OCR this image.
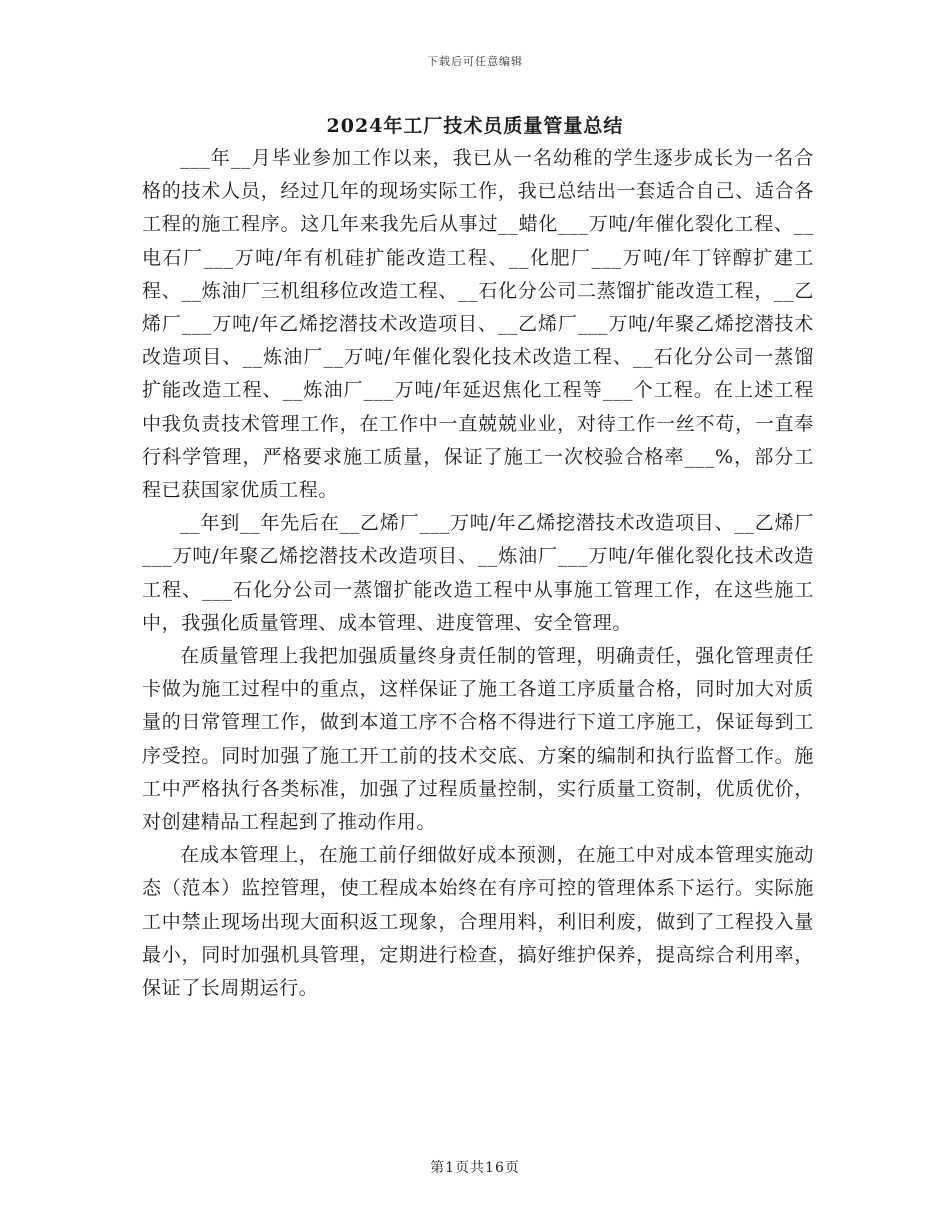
下载后可任意编辑
2024年工厂技术员质量管量总结

___年__月毕业参加工作以来，我已从一名幼稚的学生逐步成长为一名合格的技术人员，经过几年的现场实际工作，我已总结出一套适合自己、适合各工程的施工程序。这几年来我先后从事过__蜡化___万吨/年催化裂化工程、__电石厂___万吨/年有机硅扩能改造工程、__化肥厂___万吨/年丁锌醇扩建工程、__炼油厂三机组移位改造工程、__石化分公司二蒸馏扩能改造工程，__乙烯厂___万吨/年乙烯挖潜技术改造项目、__乙烯厂___万吨/年聚乙烯挖潜技术改造项目、__炼油厂__万吨/年催化裂化技术改造工程、__石化分公司一蒸馏扩能改造工程、__炼油厂___万吨/年延迟焦化工程等___个工程。在上述工程中我负责技术管理工作，在工作中一直兢兢业业，对待工作一丝不苟，一直奉行科学管理，严格要求施工质量，保证了施工一次校验合格率___%，部分工程已获国家优质工程。

__年到__年先后在__乙烯厂___万吨/年乙烯挖潜技术改造项目、__乙烯厂___万吨/年聚乙烯挖潜技术改造项目、__炼油厂___万吨/年催化裂化技术改造工程、___石化分公司一蒸馏扩能改造工程中从事施工管理工作，在这些施工中，我强化质量管理、成本管理、进度管理、安全管理。

在质量管理上我把加强质量终身责任制的管理，明确责任，强化管理责任卡做为施工过程中的重点，这样保证了施工各道工序质量合格，同时加大对质量的日常管理工作，做到本道工序不合格不得进行下道工序施工，保证每到工序受控。同时加强了施工开工前的技术交底、方案的编制和执行监督工作。施工中严格执行各类标准，加强了过程质量控制，实行质量工资制，优质优价，对创建精品工程起到了推动作用。

在成本管理上，在施工前仔细做好成本预测，在施工中对成本管理实施动态（范本）监控管理，使工程成本始终在有序可控的管理体系下运行。实际施工中禁止现场出现大面积返工现象，合理用料，利旧利废，做到了工程投入量最小，同时加强机具管理，定期进行检查，搞好维护保养，提高综合利用率，保证了长周期运行。

第1页共16页
